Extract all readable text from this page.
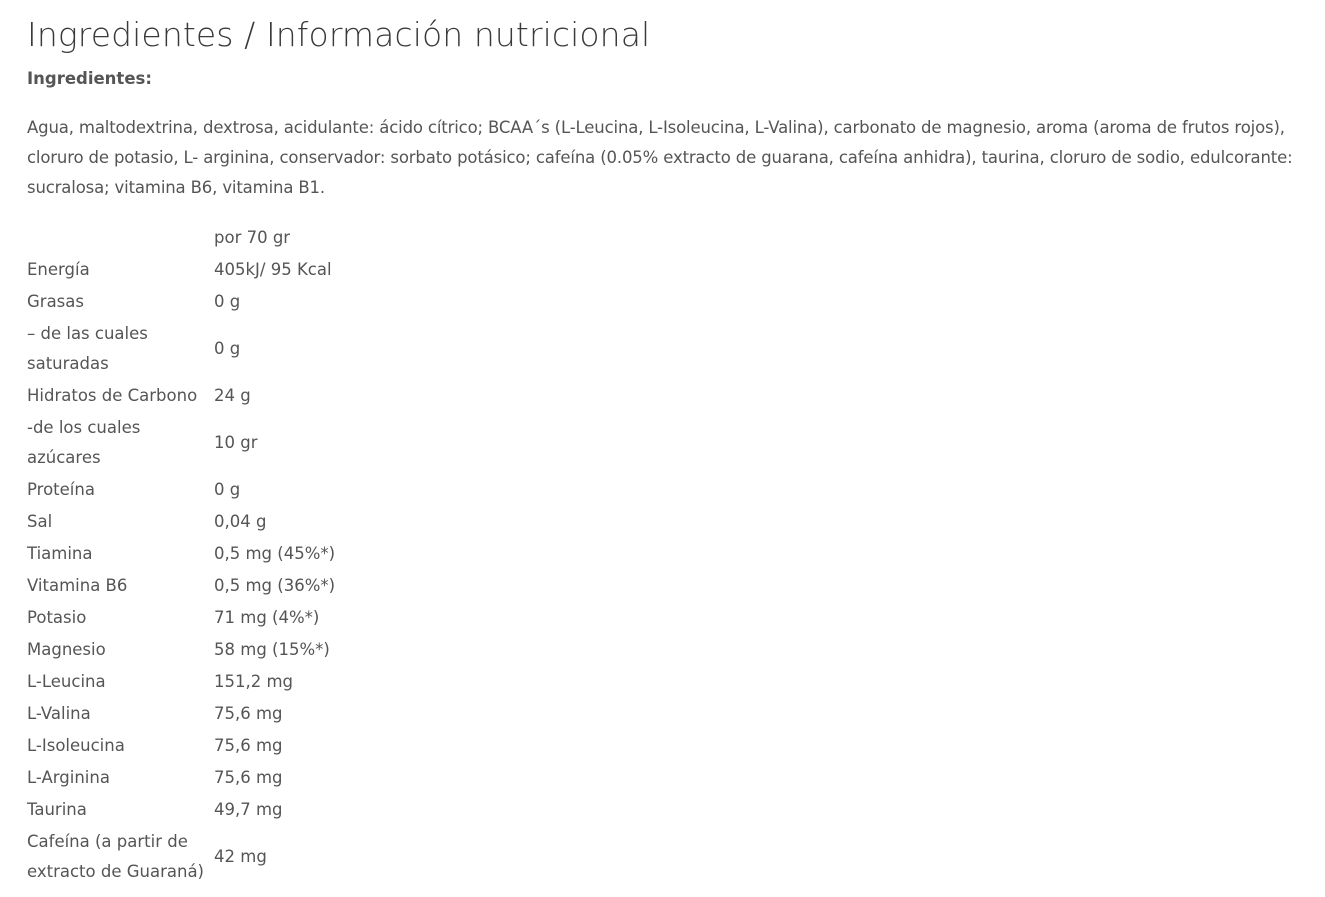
Ingredientes / Información nutricional
Ingredientes:

Agua, maltodextrina, dextrosa, acidulante: ácido cítrico; BCAA´s (L-Leucina, L-Isoleucina, L-Valina), carbonato de magnesio, aroma (aroma de frutos rojos), cloruro de potasio, L- arginina, conservador: sorbato potásico; cafeína (0.05% extracto de guarana, cafeína anhidra), taurina, cloruro de sodio, edulcorante: sucralosa; vitamina B6, vitamina B1.

	por 70 gr
Energía	405kJ/ 95 Kcal
Grasas	0 g
– de las cuales saturadas	0 g
Hidratos de Carbono	24 g
-de los cuales azúcares	10 gr
Proteína	0 g
Sal	0,04 g
Tiamina	0,5 mg (45%*)
Vitamina B6	0,5 mg (36%*)
Potasio	71 mg (4%*)
Magnesio	58 mg (15%*)
L-Leucina	151,2 mg
L-Valina	75,6 mg
L-Isoleucina	75,6 mg
L-Arginina	75,6 mg
Taurina	49,7 mg
Cafeína (a partir de extracto de Guaraná)	42 mg
